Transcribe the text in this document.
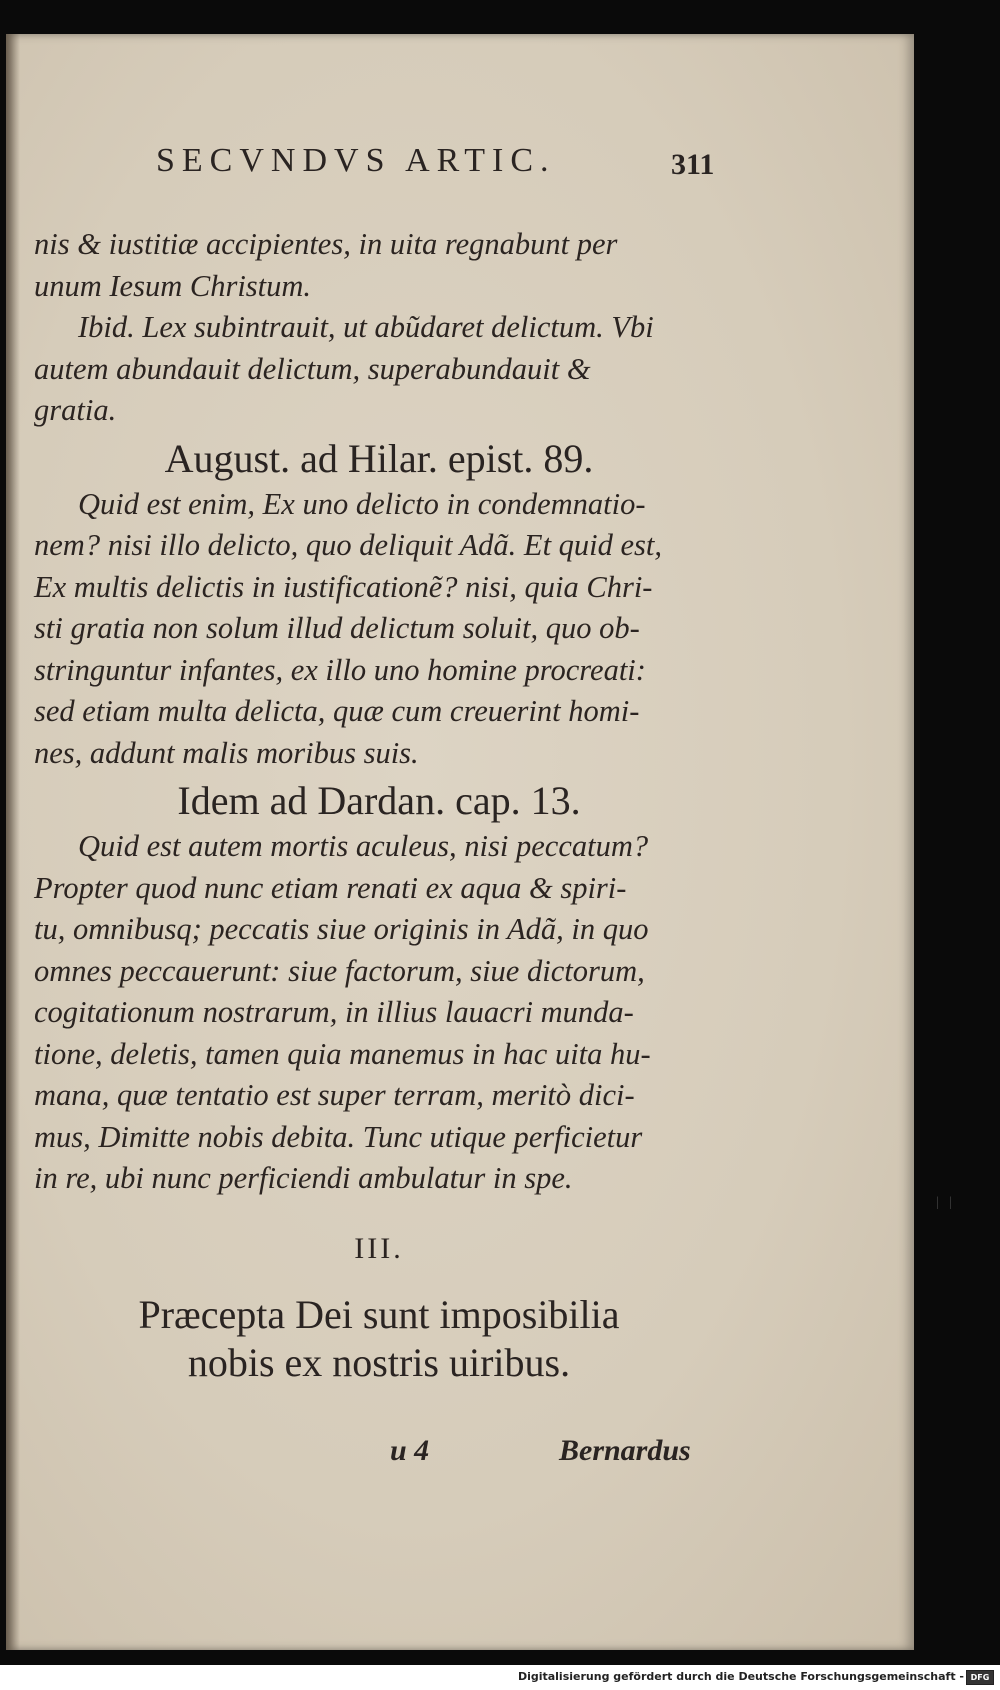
SECVNDVS ARTIC.	311
nis & iustitiæ accipientes, in uita regnabunt per
unum Iesum Christum.
Ibid. Lex subintrauit, ut abũdaret delictum. Vbi
autem abundauit delictum, superabundauit &
gratia.
August. ad Hilar. epist. 89.
Quid est enim, Ex uno delicto in condemnatio-
nem? nisi illo delicto, quo deliquit Adã. Et quid est,
Ex multis delictis in iustificationẽ? nisi, quia Chri-
sti gratia non solum illud delictum soluit, quo ob-
stringuntur infantes, ex illo uno homine procreati:
sed etiam multa delicta, quæ cum creuerint homi-
nes, addunt malis moribus suis.
Idem ad Dardan. cap. 13.
Quid est autem mortis aculeus, nisi peccatum?
Propter quod nunc etiam renati ex aqua & spiri-
tu, omnibusq; peccatis siue originis in Adã, in quo
omnes peccauerunt: siue factorum, siue dictorum,
cogitationum nostrarum, in illius lauacri munda-
tione, deletis, tamen quia manemus in hac uita hu-
mana, quæ tentatio est super terram, meritò dici-
mus, Dimitte nobis debita. Tunc utique perficietur
in re, ubi nunc perficiendi ambulatur in spe.
III.
Præcepta Dei sunt imposibilia
nobis ex nostris uiribus.
u 4	Bernardus
|   |
Digitalisierung gefördert durch die Deutsche Forschungsgemeinschaft - DFG
